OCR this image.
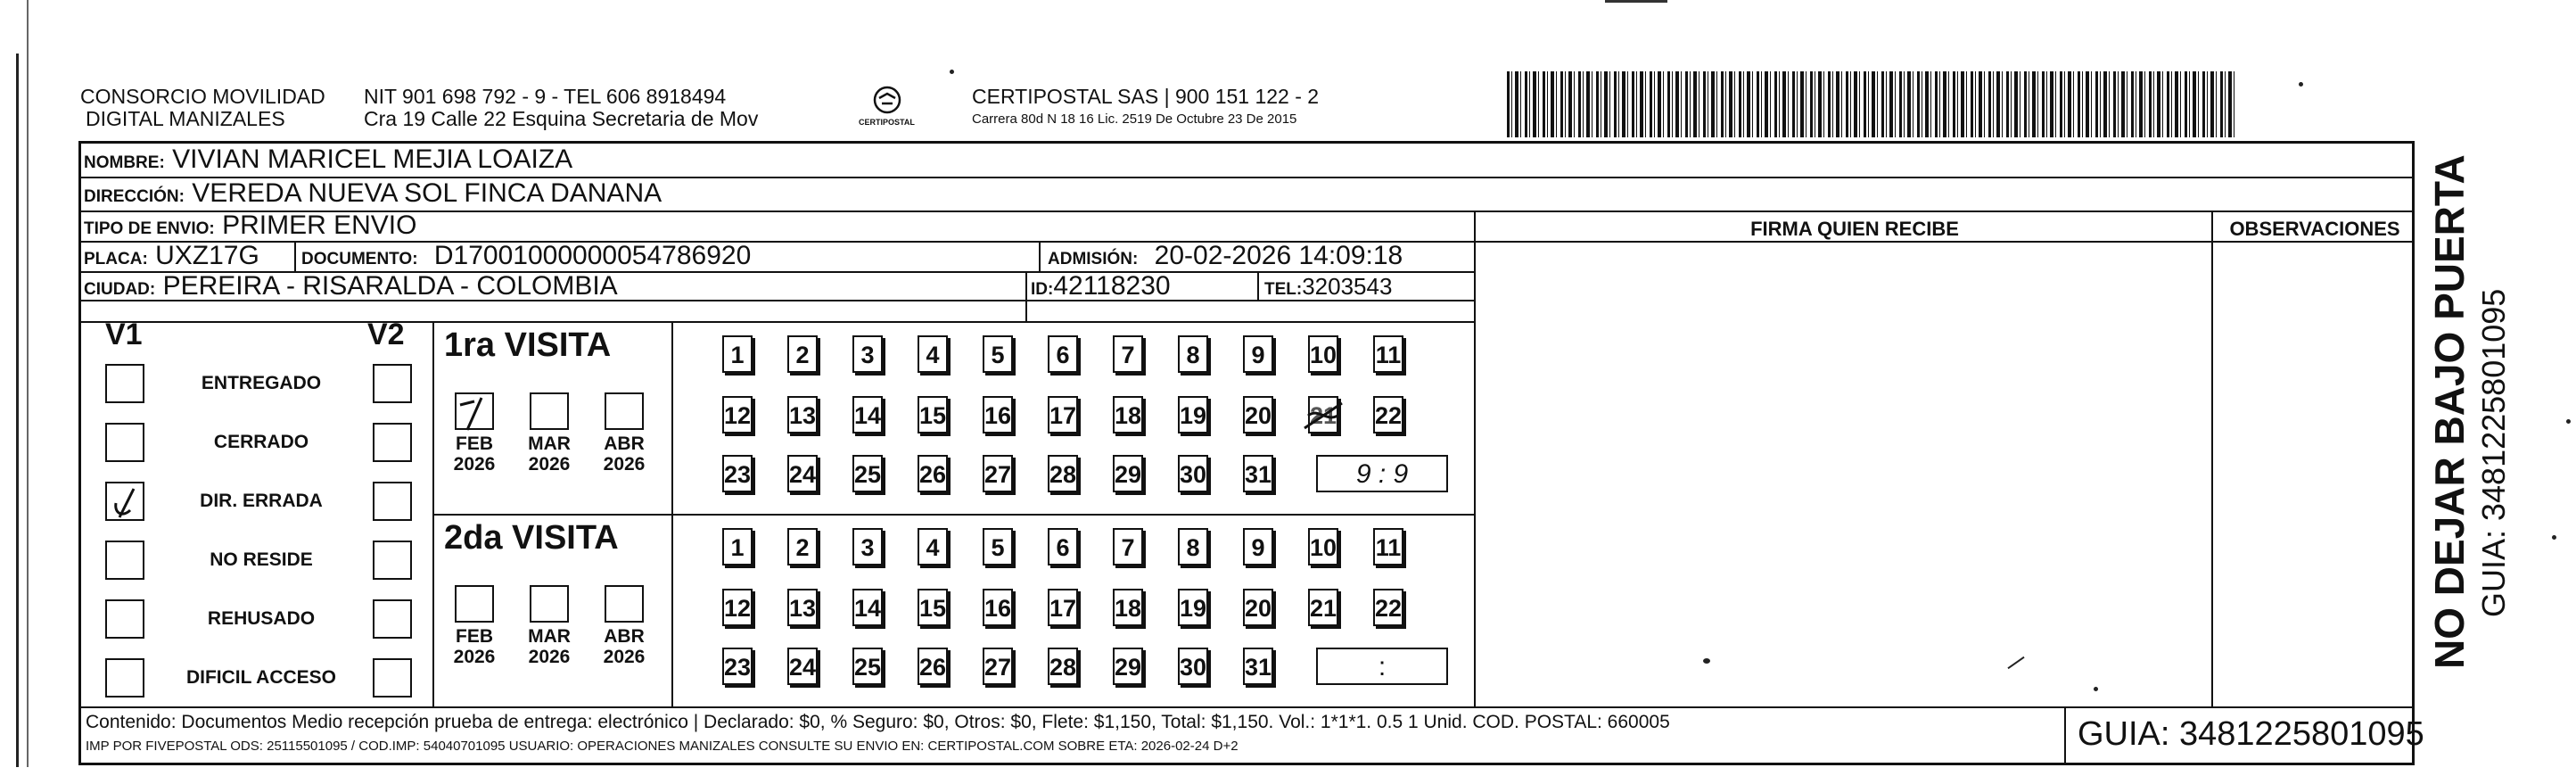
CONSORCIO MOVILIDAD
DIGITAL MANIZALES
NIT 901 698 792 - 9 - TEL 606 8918494
Cra 19 Calle 22 Esquina Secretaria de Mov	CERTIPOSTAL
CERTIPOSTAL SAS | 900 151 122 - 2
Carrera 80d N 18 16 Lic. 2519 De Octubre 23 De 2015
NOMBRE: VIVIAN MARICEL MEJIA LOAIZA
DIRECCIÓN: VEREDA NUEVA SOL FINCA DANANA
TIPO DE ENVIO: PRIMER ENVIO	FIRMA QUIEN RECIBE	OBSERVACIONES
PLACA: UXZ17G DOCUMENTO: D17001000000054786920	ADMISIÓN: 20-02-2026 14:09:18
CIUDAD: PEREIRA - RISARALDA - COLOMBIA	ID:42118230	TEL:3203543
V1	V2
ENTREGADO
CERRADO
DIR. ERRADA
NO RESIDE
REHUSADO
DIFICIL ACCESO
1ra VISITA
FEB
2026
MAR
2026
ABR
2026
1	2	3	4	5	6	7	8	9	10 11
12 13 14 15 16 17 18 19 20 21 22
23 24 25 26 27 28 29 30 31	9 : 9
2da VISITA
FEB
2026
MAR
2026
ABR
2026
1	2	3	4	5	6	7	8	9	10 11
12 13 14 15 16 17 18 19 20 21 22
23 24 25 26 27 28 29 30 31	:
Contenido: Documentos Medio recepción prueba de entrega: electrónico | Declarado: $0, % Seguro: $0, Otros: $0, Flete: $1,150, Total: $1,150. Vol.: 1*1*1. 0.5 1 Unid. COD. POSTAL: 660005
IMP POR FIVEPOSTAL ODS: 25115501095 / COD.IMP: 54040701095 USUARIO: OPERACIONES MANIZALES CONSULTE SU ENVIO EN: CERTIPOSTAL.COM SOBRE ETA: 2026-02-24 D+2	GUIA: 3481225801095
NO DEJAR BAJO PUERTA GUIA: 3481225801095
